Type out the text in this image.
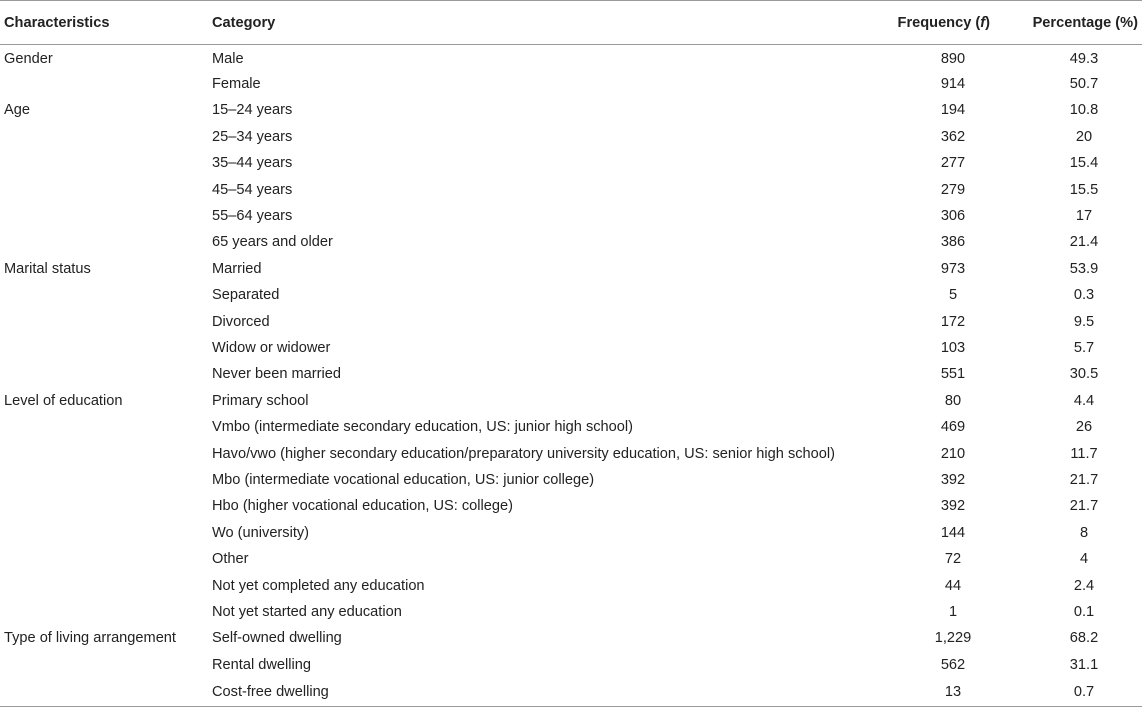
Characteristics	Category	Frequency (f)	Percentage (%)
Gender	Male	890	49.3
	Female	914	50.7
Age	15–24 years	194	10.8
	25–34 years	362	20
	35–44 years	277	15.4
	45–54 years	279	15.5
	55–64 years	306	17
	65 years and older	386	21.4
Marital status	Married	973	53.9
	Separated	5	0.3
	Divorced	172	9.5
	Widow or widower	103	5.7
	Never been married	551	30.5
Level of education	Primary school	80	4.4
	Vmbo (intermediate secondary education, US: junior high school)	469	26
	Havo/vwo (higher secondary education/preparatory university education, US: senior high school)	210	11.7
	Mbo (intermediate vocational education, US: junior college)	392	21.7
	Hbo (higher vocational education, US: college)	392	21.7
	Wo (university)	144	8
	Other	72	4
	Not yet completed any education	44	2.4
	Not yet started any education	1	0.1
Type of living arrangement	Self-owned dwelling	1,229	68.2
	Rental dwelling	562	31.1
	Cost-free dwelling	13	0.7
